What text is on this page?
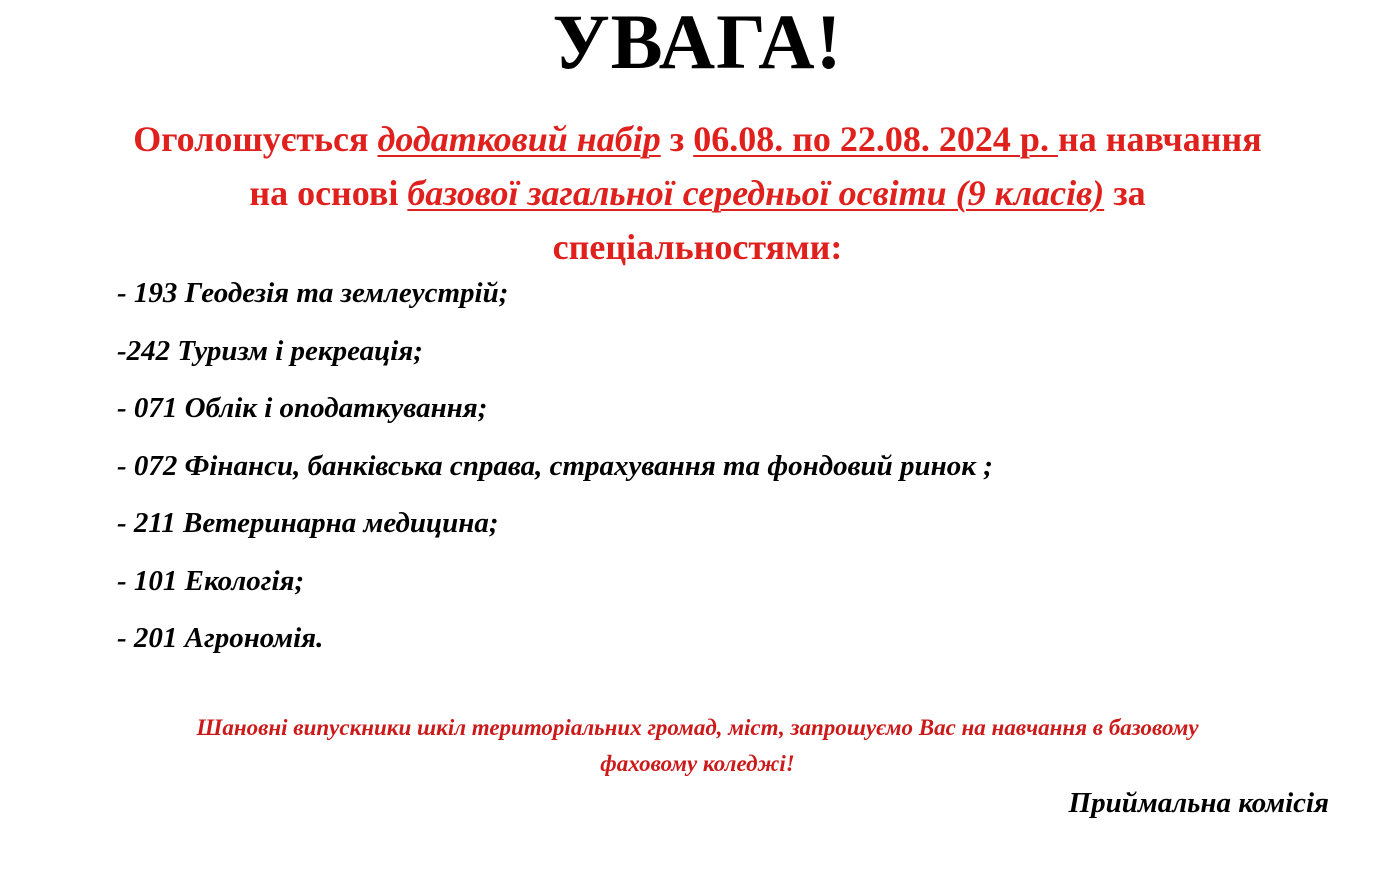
УВАГА!
Оголошується додатковий набір з 06.08. по 22.08. 2024 р. на навчання
на основі базової загальної середньої освіти (9 класів) за
спеціальностями:
- 193 Геодезія та землеустрій;
-242 Туризм і рекреація;
- 071 Облік і оподаткування;
- 072 Фінанси, банківська справа, страхування та фондовий ринок ;
- 211 Ветеринарна медицина;
- 101 Екологія;
- 201 Агрономія.
Шановні випускники шкіл територіальних громад, міст, запрошуємо Вас на навчання в базовому
фаховому коледжі!
Приймальна комісія
